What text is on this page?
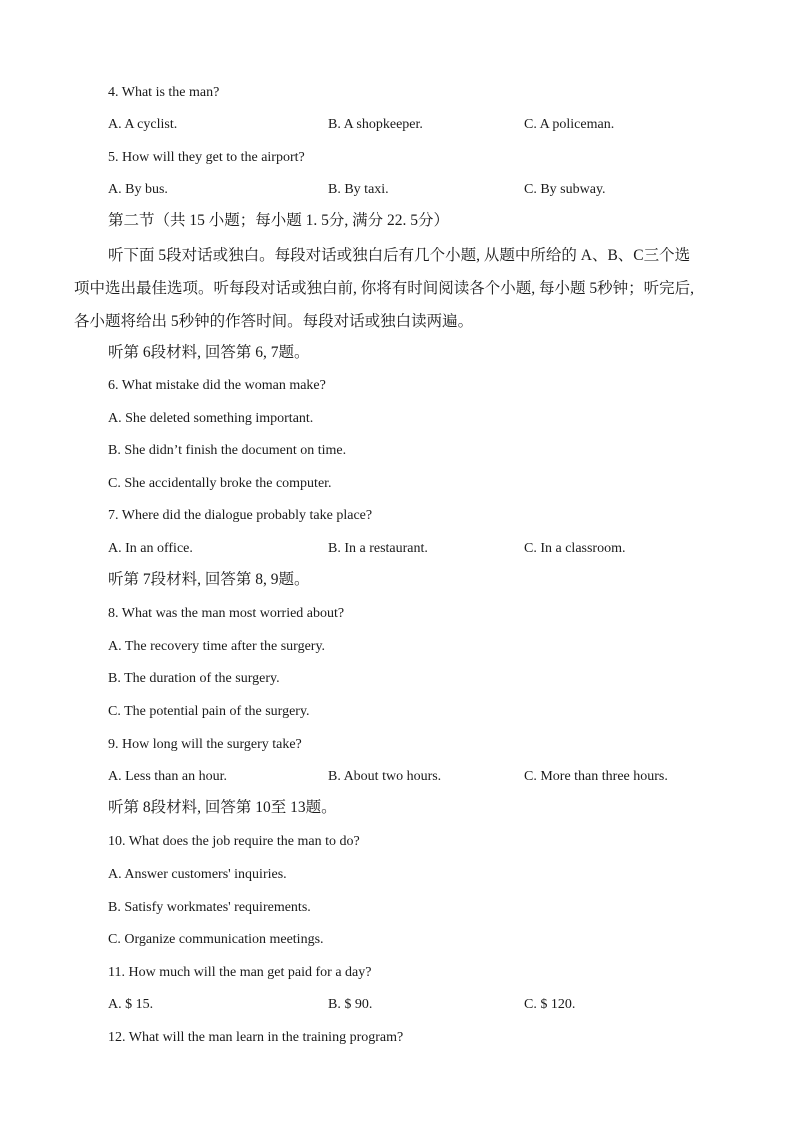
4. What is the man?
A. A cyclist.	B. A shopkeeper.	C. A policeman.
5. How will they get to the airport?
A. By bus.	B. By taxi.	C. By subway.
第二节（共 15 小题；每小题 1. 5分, 满分 22. 5分）
听下面 5段对话或独白。每段对话或独白后有几个小题, 从题中所给的 A、B、C三个选
项中选出最佳选项。听每段对话或独白前, 你将有时间阅读各个小题, 每小题 5秒钟；听完后,
各小题将给出 5秒钟的作答时间。每段对话或独白读两遍。
听第 6段材料, 回答第 6, 7题。
6. What mistake did the woman make?
A. She deleted something important.
B. She didn’t finish the document on time.
C. She accidentally broke the computer.
7. Where did the dialogue probably take place?
A. In an office.	B. In a restaurant.	C. In a classroom.
听第 7段材料, 回答第 8, 9题。
8. What was the man most worried about?
A. The recovery time after the surgery.
B. The duration of the surgery.
C. The potential pain of the surgery.
9. How long will the surgery take?
A. Less than an hour.	B. About two hours.	C. More than three hours.
听第 8段材料, 回答第 10至 13题。
10. What does the job require the man to do?
A. Answer customers' inquiries.
B. Satisfy workmates' requirements.
C. Organize communication meetings.
11. How much will the man get paid for a day?
A. $ 15.	B. $ 90.	C. $ 120.
12. What will the man learn in the training program?
